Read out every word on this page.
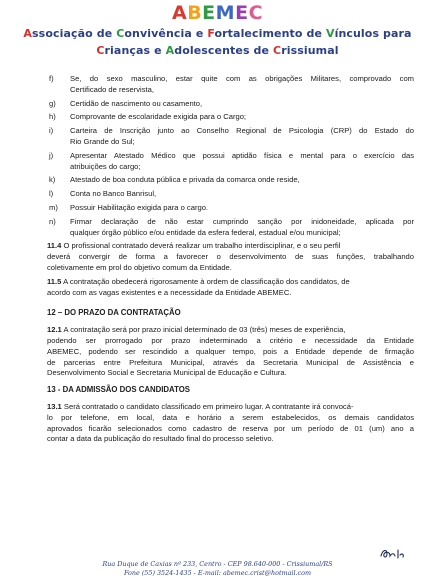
ABEMEC
Associação de Convivência e Fortalecimento de Vínculos para
Crianças e Adolescentes de Crissiumal
f) Se, do sexo masculino, estar quite com as obrigações Militares, comprovado com
Certificado de reservista,
g) Certidão de nascimento ou casamento,
h) Comprovante de escolaridade exigida para o Cargo;
i) Carteira de Inscrição junto ao Conselho Regional de Psicologia (CRP) do Estado do
Rio Grande do Sul;
j) Apresentar Atestado Médico que possui aptidão física e mental para o exercício das
atribuições do cargo;
k) Atestado de boa conduta pública e privada da comarca onde reside,
l) Conta no Banco Banrisul,
m) Possuir Habilitação exigida para o cargo.
n) Firmar declaração de não estar cumprindo sanção por inidoneidade, aplicada por
qualquer órgão público e/ou entidade da esfera federal, estadual e/ou municipal;

11.4 O profissional contratado deverá realizar um trabalho interdisciplinar, e o seu perfil
deverá convergir de forma a favorecer o desenvolvimento de suas funções, trabalhando
coletivamente em prol do objetivo comum da Entidade.

11.5 A contratação obedecerá rigorosamente à ordem de classificação dos candidatos, de
acordo com as vagas existentes e a necessidade da Entidade ABEMEC.

12 – DO PRAZO DA CONTRATAÇÃO

12.1 A contratação será por prazo inicial determinado de 03 (três) meses de experiência,
podendo ser prorrogado por prazo indeterminado a critério e necessidade da Entidade
ABEMEC, podendo ser rescindido a qualquer tempo, pois a Entidade depende de firmação
de parcerias entre Prefeitura Municipal, através da Secretaria Municipal de Assistência e
Desenvolvimento Social e Secretaria Municipal de Educação e Cultura.

13 - DA ADMISSÃO DOS CANDIDATOS

13.1 Será contratado o candidato classificado em primeiro lugar. A contratante irá convocá-
lo por telefone, em local, data e horário a serem estabelecidos, os demais candidatos
aprovados ficarão selecionados como cadastro de reserva por um período de 01 (um) ano a
contar a data da publicação do resultado final do processo seletivo.

Rua Duque de Caxias nº 233, Centro - CEP 98.640-000 - Crissiumal/RS
Fone (55) 3524-1435 - E-mail: abemec.crist@hotmail.com
